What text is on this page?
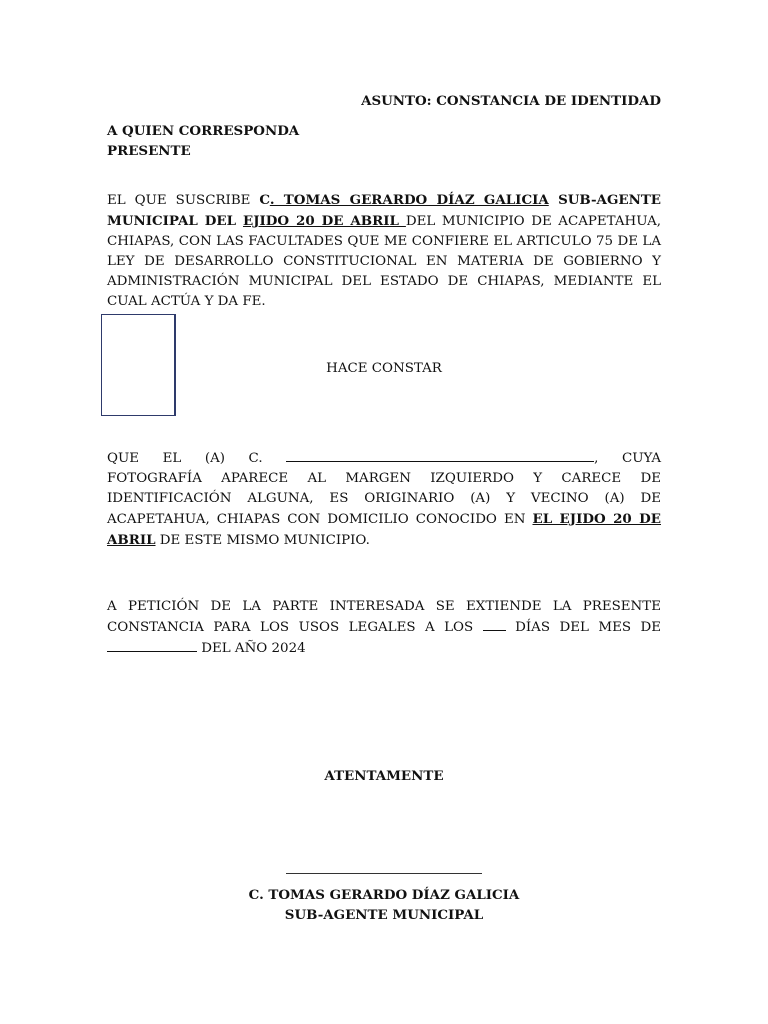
ASUNTO: CONSTANCIA DE IDENTIDAD
A QUIEN CORRESPONDA
PRESENTE
EL QUE SUSCRIBE C. TOMAS GERARDO DÍAZ GALICIA SUB-AGENTE MUNICIPAL DEL EJIDO 20 DE ABRIL DEL MUNICIPIO DE ACAPETAHUA, CHIAPAS, CON LAS FACULTADES QUE ME CONFIERE EL ARTICULO 75 DE LA LEY DE DESARROLLO CONSTITUCIONAL EN MATERIA DE GOBIERNO Y ADMINISTRACIÓN MUNICIPAL DEL ESTADO DE CHIAPAS, MEDIANTE EL CUAL ACTÚA Y DA FE.
HACE CONSTAR
QUE EL (A) C.	, CUYA FOTOGRAFÍA APARECE AL MARGEN IZQUIERDO Y CARECE DE IDENTIFICACIÓN ALGUNA, ES ORIGINARIO (A) Y VECINO (A) DE ACAPETAHUA, CHIAPAS CON DOMICILIO CONOCIDO EN EL EJIDO 20 DE ABRIL DE ESTE MISMO MUNICIPIO.
A PETICIÓN DE LA PARTE INTERESADA SE EXTIENDE LA PRESENTE CONSTANCIA PARA LOS USOS LEGALES A LOS  DÍAS DEL MES DE  DEL AÑO 2024
ATENTAMENTE
C. TOMAS GERARDO DÍAZ GALICIA
SUB-AGENTE MUNICIPAL
